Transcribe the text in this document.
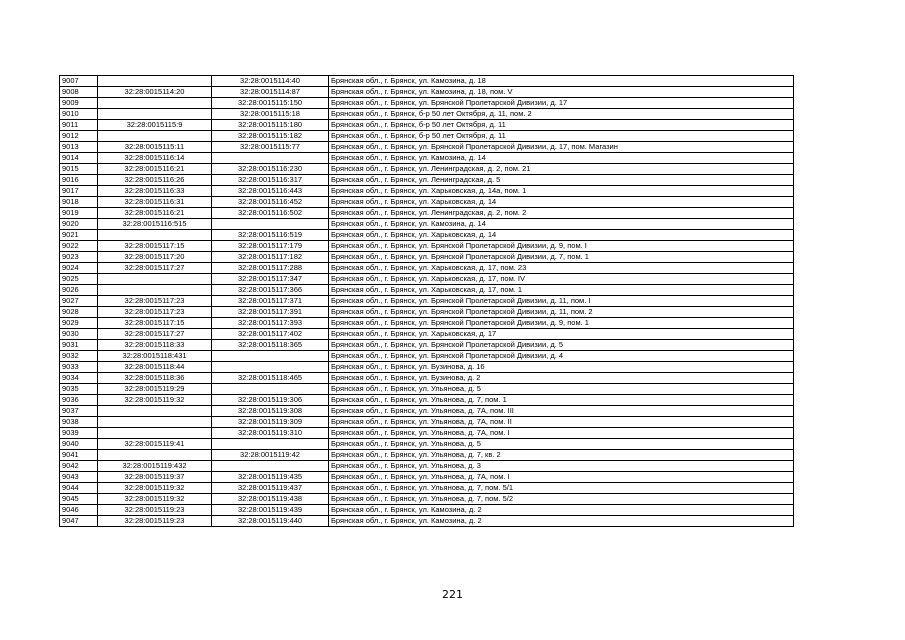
9007		32:28:0015114:40	Брянская обл., г. Брянск, ул. Камозина, д. 18
9008	32:28:0015114:20	32:28:0015114:87	Брянская обл., г. Брянск, ул. Камозина, д. 18, пом. V
9009		32:28:0015115:150	Брянская обл., г. Брянск, ул. Брянской Пролетарской Дивизии, д. 17
9010		32:28:0015115:18	Брянская обл., г. Брянск, б-р 50 лет Октября, д. 11, пом. 2
9011	32:28:0015115:9	32:28:0015115:180	Брянская обл., г. Брянск, б-р 50 лет Октября, д. 11
9012		32:28:0015115:182	Брянская обл., г. Брянск, б-р 50 лет Октября, д. 11
9013	32:28:0015115:11	32:28:0015115:77	Брянская обл., г. Брянск, ул. Брянской Пролетарской Дивизии, д. 17, пом. Магазин
9014	32:28:0015116:14		Брянская обл., г. Брянск, ул. Камозина, д. 14
9015	32:28:0015116:21	32:28:0015116:230	Брянская обл., г. Брянск, ул. Ленинградская, д. 2, пом. 21
9016	32:28:0015116:26	32:28:0015116:317	Брянская обл., г. Брянск, ул. Ленинградская, д. 5
9017	32:28:0015116:33	32:28:0015116:443	Брянская обл., г. Брянск, ул. Харьковская, д. 14а, пом. 1
9018	32:28:0015116:31	32:28:0015116:452	Брянская обл., г. Брянск, ул. Харьковская, д. 14
9019	32:28:0015116:21	32:28:0015116:502	Брянская обл., г. Брянск, ул. Ленинградская, д. 2, пом. 2
9020	32:28:0015116:515		Брянская обл., г. Брянск, ул. Камозина, д. 14
9021		32:28:0015116:519	Брянская обл., г. Брянск, ул. Харьковская, д. 14
9022	32:28:0015117:15	32:28:0015117:179	Брянская обл., г. Брянск, ул. Брянской Пролетарской Дивизии, д. 9, пом. I
9023	32:28:0015117:20	32:28:0015117:182	Брянская обл., г. Брянск, ул. Брянской Пролетарской Дивизии, д. 7, пом. 1
9024	32:28:0015117:27	32:28:0015117:288	Брянская обл., г. Брянск, ул. Харьковская, д. 17, пом. 23
9025		32:28:0015117:347	Брянская обл., г. Брянск, ул. Харьковская, д. 17, пом. IV
9026		32:28:0015117:366	Брянская обл., г. Брянск, ул. Харьковская, д. 17, пом. 1
9027	32:28:0015117:23	32:28:0015117:371	Брянская обл., г. Брянск, ул. Брянской Пролетарской Дивизии, д. 11, пом. I
9028	32:28:0015117:23	32:28:0015117:391	Брянская обл., г. Брянск, ул. Брянской Пролетарской Дивизии, д. 11, пом. 2
9029	32:28:0015117:15	32:28:0015117:393	Брянская обл., г. Брянск, ул. Брянской Пролетарской Дивизии, д. 9, пом. 1
9030	32:28:0015117:27	32:28:0015117:402	Брянская обл., г. Брянск, ул. Харьковская, д. 17
9031	32:28:0015118:33	32:28:0015118:365	Брянская обл., г. Брянск, ул. Брянской Пролетарской Дивизии, д. 5
9032	32:28:0015118:431		Брянская обл., г. Брянск, ул. Брянской Пролетарской Дивизии, д. 4
9033	32:28:0015118:44		Брянская обл., г. Брянск, ул. Бузинова, д. 16
9034	32:28:0015118:36	32:28:0015118:465	Брянская обл., г. Брянск, ул. Бузинова, д. 2
9035	32:28:0015119:29		Брянская обл., г. Брянск, ул. Ульянова, д. 5
9036	32:28:0015119:32	32:28:0015119:306	Брянская обл., г. Брянск, ул. Ульянова, д. 7, пом. 1
9037		32:28:0015119:308	Брянская обл., г. Брянск, ул. Ульянова, д. 7А, пом. III
9038		32:28:0015119:309	Брянская обл., г. Брянск, ул. Ульянова, д. 7А, пом. II
9039		32:28:0015119:310	Брянская обл., г. Брянск, ул. Ульянова, д. 7А, пом. I
9040	32:28:0015119:41		Брянская обл., г. Брянск, ул. Ульянова, д. 5
9041		32:28:0015119:42	Брянская обл., г. Брянск, ул. Ульянова, д. 7, кв. 2
9042	32:28:0015119:432		Брянская обл., г. Брянск, ул. Ульянова, д. 3
9043	32:28:0015119:37	32:28:0015119:435	Брянская обл., г. Брянск, ул. Ульянова, д. 7А, пом. I
9044	32:28:0015119:32	32:28:0015119:437	Брянская обл., г. Брянск, ул. Ульянова, д. 7, пом. 5/1
9045	32:28:0015119:32	32:28:0015119:438	Брянская обл., г. Брянск, ул. Ульянова, д. 7, пом. 5/2
9046	32:28:0015119:23	32:28:0015119:439	Брянская обл., г. Брянск, ул. Камозина, д. 2
9047	32:28:0015119:23	32:28:0015119:440	Брянская обл., г. Брянск, ул. Камозина, д. 2
221
